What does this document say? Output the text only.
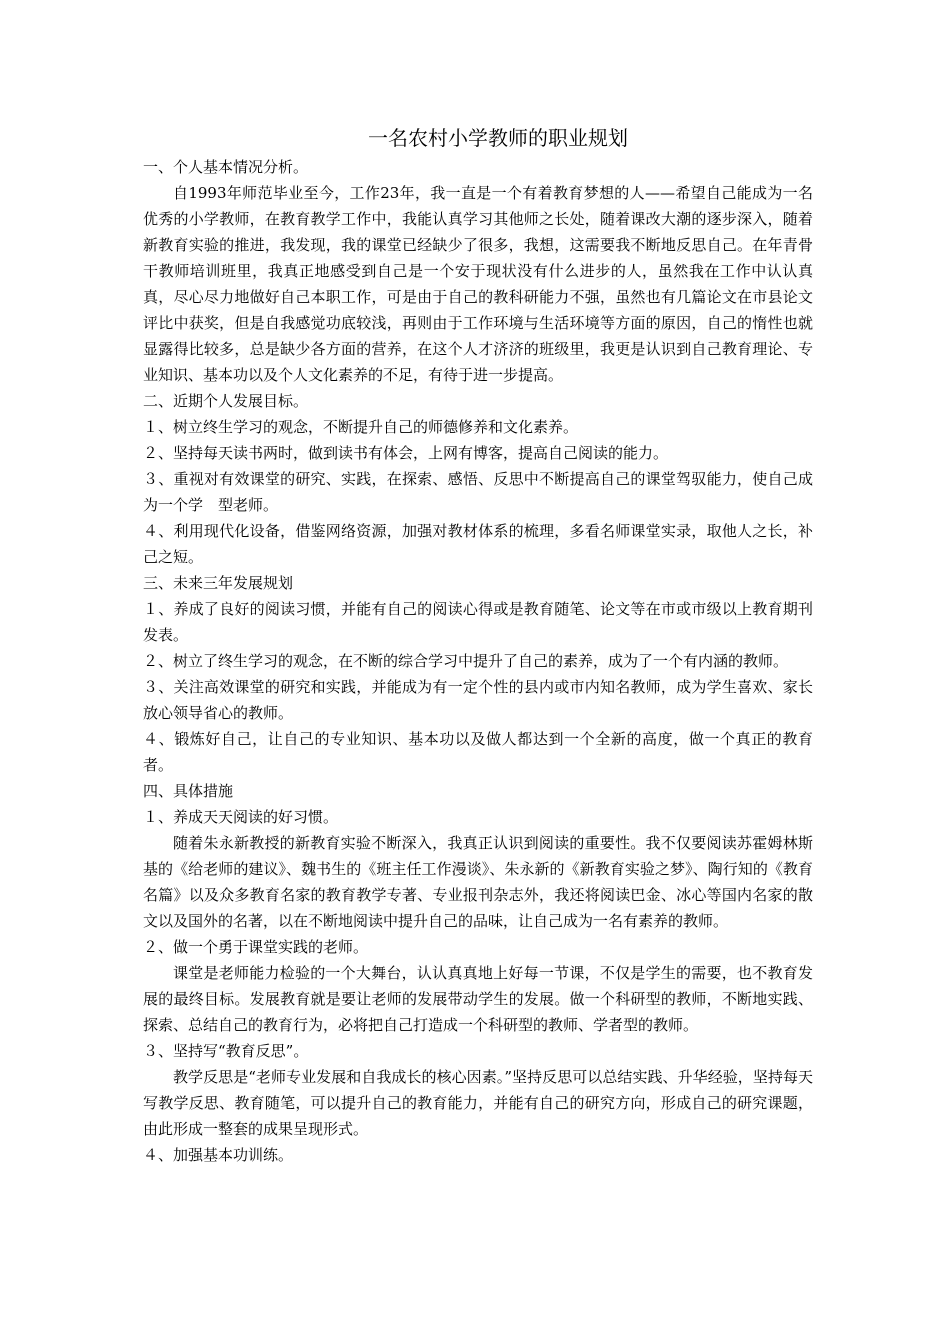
一名农村小学教师的职业规划
一、个人基本情况分析。
自1993年师范毕业至今，工作23年，我一直是一个有着教育梦想的人——希望自己能成为一名优秀的小学教师，在教育教学工作中，我能认真学习其他师之长处，随着课改大潮的逐步深入，随着新教育实验的推进，我发现，我的课堂已经缺少了很多，我想，这需要我不断地反思自己。在年青骨干教师培训班里，我真正地感受到自己是一个安于现状没有什么进步的人，虽然我在工作中认认真真，尽心尽力地做好自己本职工作，可是由于自己的教科研能力不强，虽然也有几篇论文在市县论文评比中获奖，但是自我感觉功底较浅，再则由于工作环境与生活环境等方面的原因，自己的惰性也就显露得比较多，总是缺少各方面的营养，在这个人才济济的班级里，我更是认识到自己教育理论、专业知识、基本功以及个人文化素养的不足，有待于进一步提高。
二、近期个人发展目标。
１、树立终生学习的观念，不断提升自己的师德修养和文化素养。
２、坚持每天读书两时，做到读书有体会，上网有博客，提高自己阅读的能力。
３、重视对有效课堂的研究、实践，在探索、感悟、反思中不断提高自己的课堂驾驭能力，使自己成为一个学　型老师。
４、利用现代化设备，借鉴网络资源，加强对教材体系的梳理，多看名师课堂实录，取他人之长，补己之短。
三、未来三年发展规划
１、养成了良好的阅读习惯，并能有自己的阅读心得或是教育随笔、论文等在市或市级以上教育期刊发表。
２、树立了终生学习的观念，在不断的综合学习中提升了自己的素养，成为了一个有内涵的教师。
３、关注高效课堂的研究和实践，并能成为有一定个性的县内或市内知名教师，成为学生喜欢、家长放心领导省心的教师。
４、锻炼好自己，让自己的专业知识、基本功以及做人都达到一个全新的高度，做一个真正的教育者。
四、具体措施
１、养成天天阅读的好习惯。
随着朱永新教授的新教育实验不断深入，我真正认识到阅读的重要性。我不仅要阅读苏霍姆林斯基的《给老师的建议》、魏书生的《班主任工作漫谈》、朱永新的《新教育实验之梦》、陶行知的《教育名篇》以及众多教育名家的教育教学专著、专业报刊杂志外，我还将阅读巴金、冰心等国内名家的散文以及国外的名著，以在不断地阅读中提升自己的品味，让自己成为一名有素养的教师。
２、做一个勇于课堂实践的老师。
课堂是老师能力检验的一个大舞台，认认真真地上好每一节课，不仅是学生的需要，也不教育发展的最终目标。发展教育就是要让老师的发展带动学生的发展。做一个科研型的教师，不断地实践、探索、总结自己的教育行为，必将把自己打造成一个科研型的教师、学者型的教师。
３、坚持写“教育反思”。
教学反思是“老师专业发展和自我成长的核心因素。”坚持反思可以总结实践、升华经验，坚持每天写教学反思、教育随笔，可以提升自己的教育能力，并能有自己的研究方向，形成自己的研究课题，由此形成一整套的成果呈现形式。
４、加强基本功训练。
